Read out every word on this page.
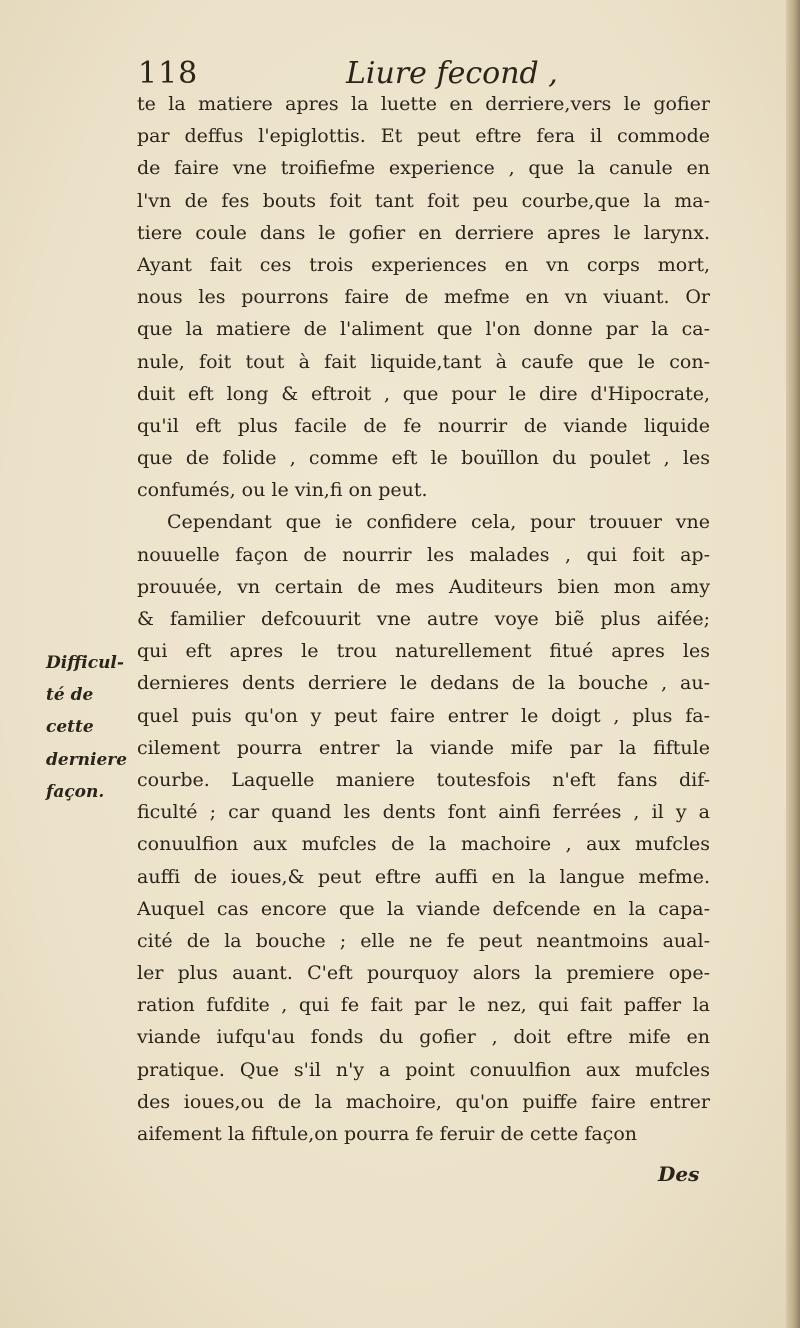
118	Liure fecond ,
te la matiere apres la luette en derriere,vers le gofier
par deffus l'epiglottis. Et peut eftre fera il commode
de faire vne troifiefme experience , que la canule en
l'vn de fes bouts foit tant foit peu courbe,que la ma-
tiere coule dans le gofier en derriere apres le larynx.
Ayant fait ces trois experiences en vn corps mort,
nous les pourrons faire de mefme en vn viuant. Or
que la matiere de l'aliment que l'on donne par la ca-
nule, foit tout à fait liquide,tant à caufe que le con-
duit eft long & eftroit , que pour le dire d'Hipocrate,
qu'il eft plus facile de fe nourrir de viande liquide
que de folide , comme eft le bouïllon du poulet , les
confumés, ou le vin,fi on peut.
Cependant que ie confidere cela, pour trouuer vne
nouuelle façon de nourrir les malades , qui foit ap-
prouuée, vn certain de mes Auditeurs bien mon amy
& familier defcouurit vne autre voye biẽ plus aifée;
qui eft apres le trou naturellement fitué apres les
dernieres dents derriere le dedans de la bouche , au-
quel puis qu'on y peut faire entrer le doigt , plus fa-
cilement pourra entrer la viande mife par la fiftule
courbe. Laquelle maniere toutesfois n'eft fans dif-
ficulté ; car quand les dents font ainfi ferrées , il y a
conuulfion aux mufcles de la machoire , aux mufcles
auffi de ioues,& peut eftre auffi en la langue mefme.
Auquel cas encore que la viande defcende en la capa-
cité de la bouche ; elle ne fe peut neantmoins aual-
ler plus auant. C'eft pourquoy alors la premiere ope-
ration fufdite , qui fe fait par le nez, qui fait paffer la
viande iufqu'au fonds du gofier , doit eftre mife en
pratique. Que s'il n'y a point conuulfion aux mufcles
des ioues,ou de la machoire, qu'on puiffe faire entrer
aifement la fiftule,on pourra fe feruir de cette façon
Difficul-
té de
cette
derniere
façon.
Des
